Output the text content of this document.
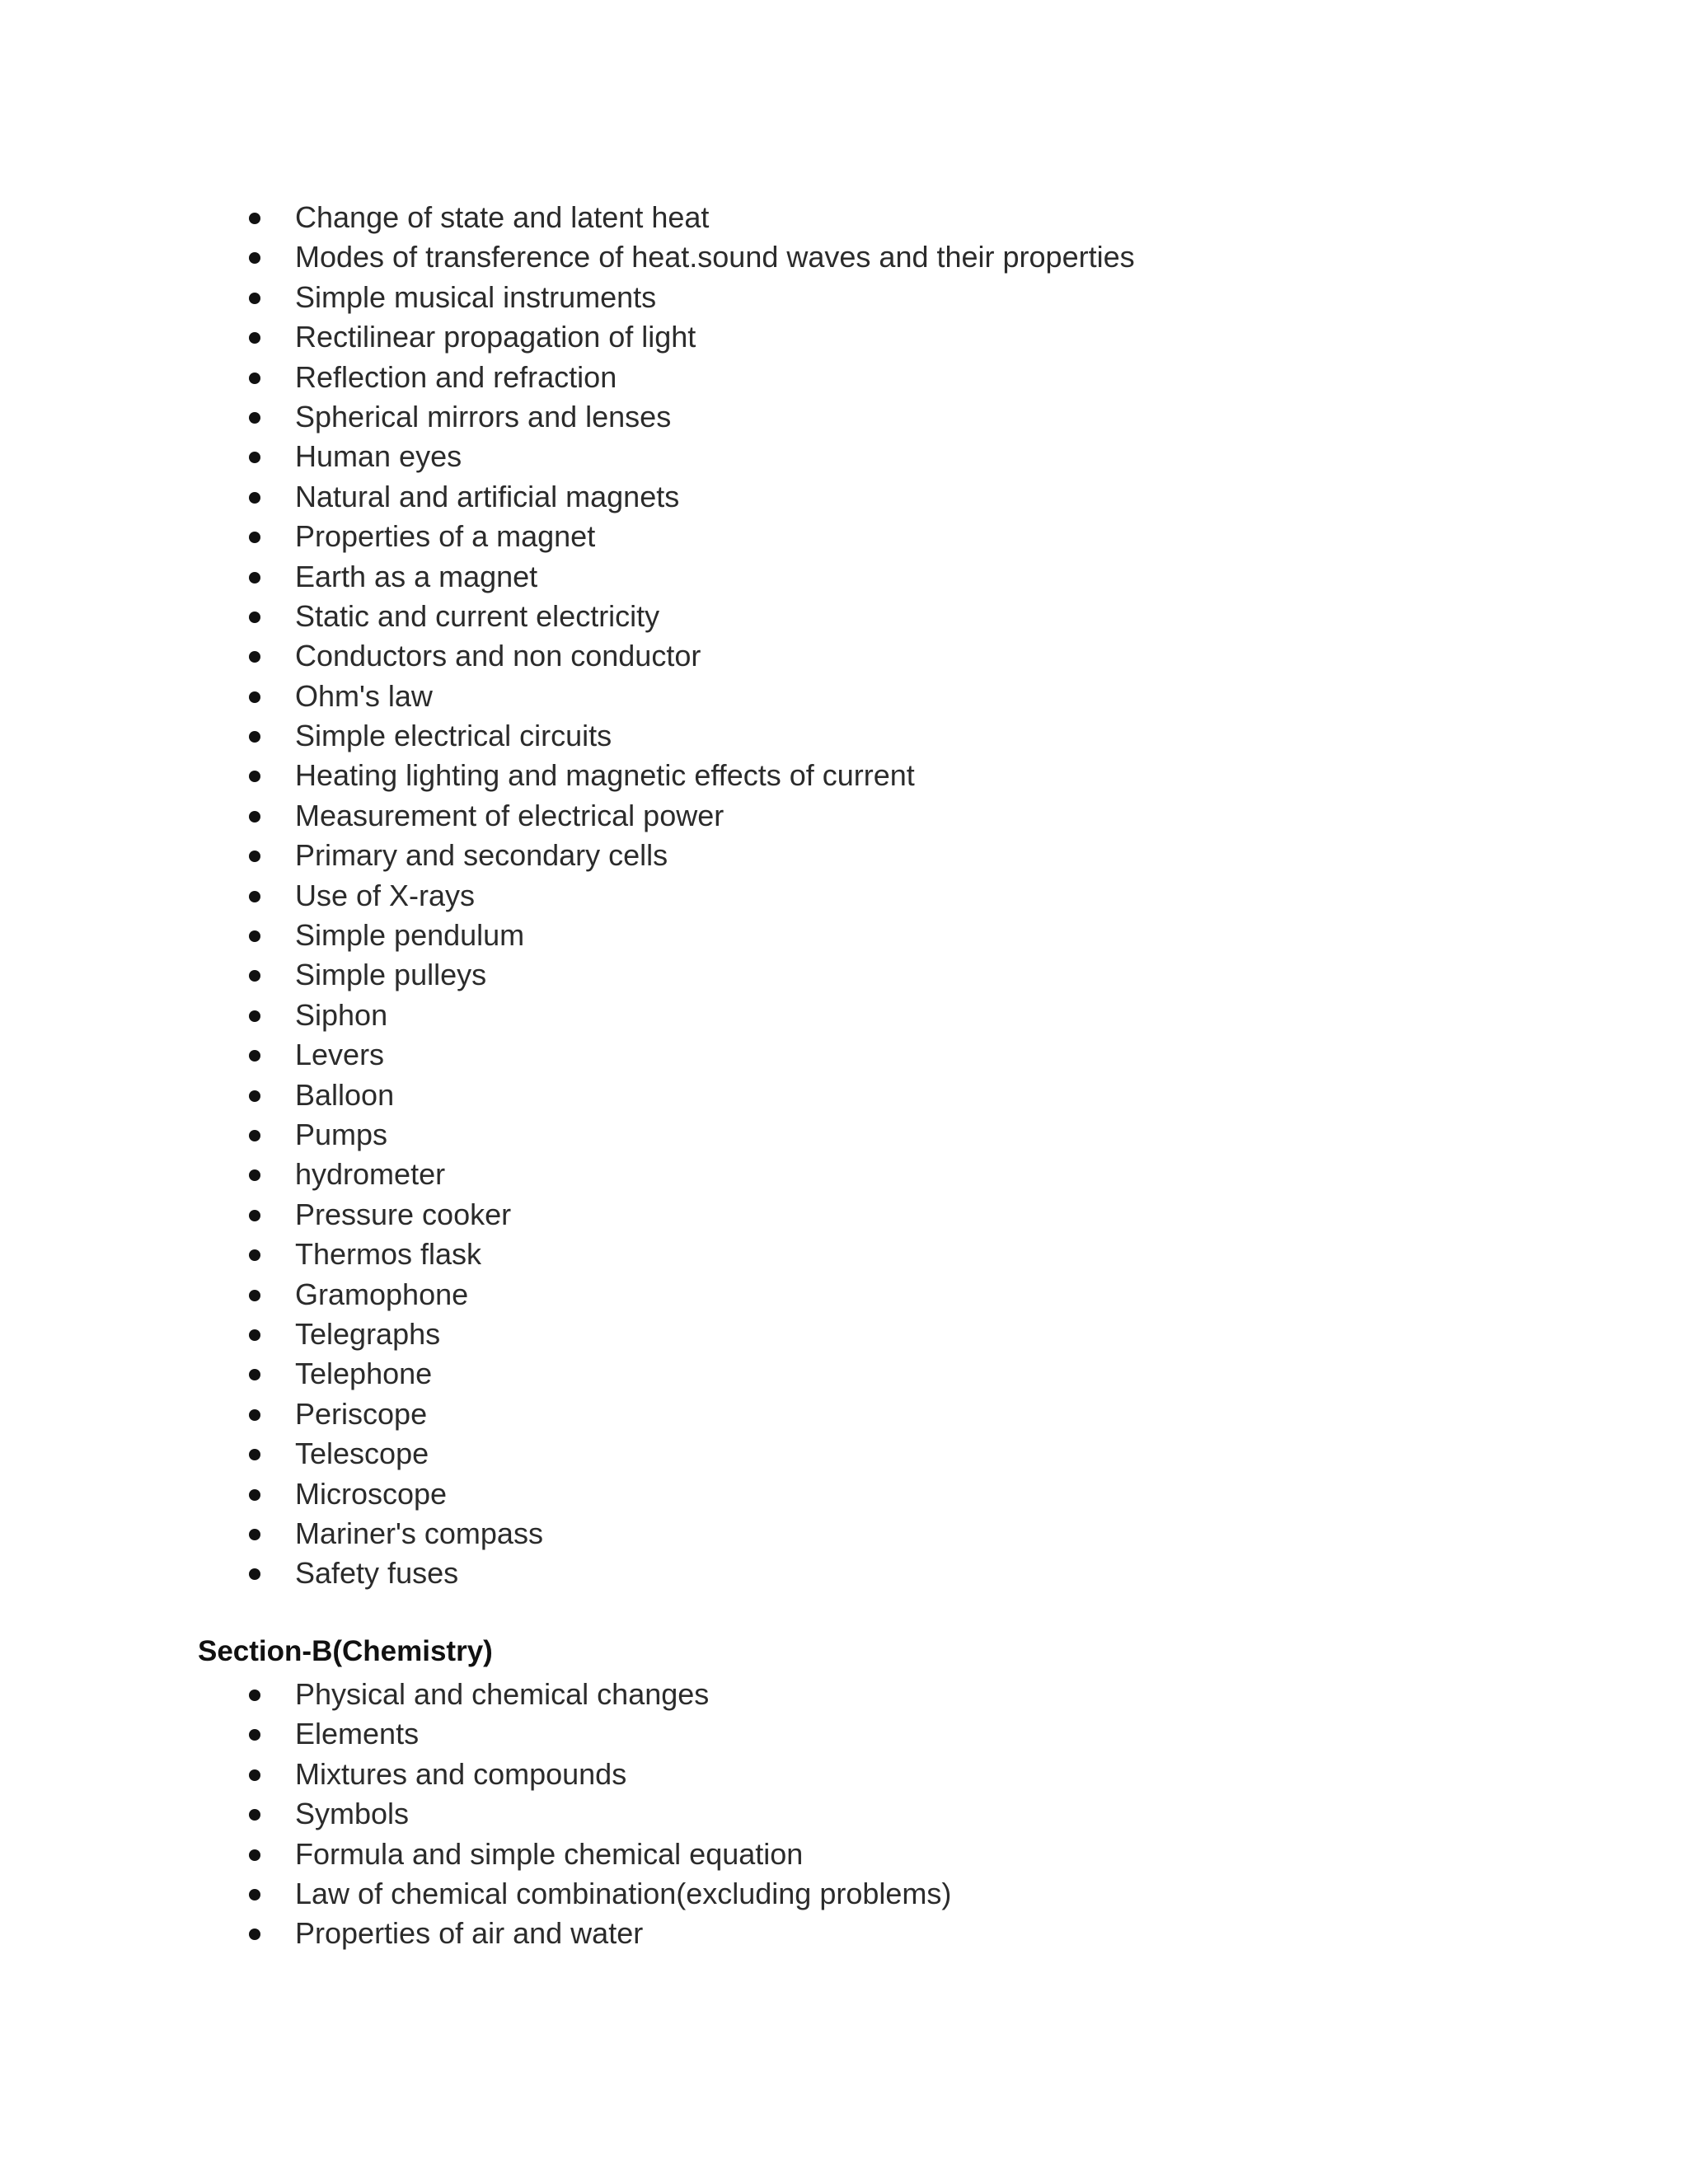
Change of state and latent heat
Modes of transference of heat.sound waves and their properties
Simple musical instruments
Rectilinear propagation of light
Reflection and refraction
Spherical mirrors and lenses
Human eyes
Natural and artificial magnets
Properties of a magnet
Earth as a magnet
Static and current electricity
Conductors and non conductor
Ohm's law
Simple electrical circuits
Heating lighting and magnetic effects of current
Measurement of electrical power
Primary and secondary cells
Use of X-rays
Simple pendulum
Simple pulleys
Siphon
Levers
Balloon
Pumps
hydrometer
Pressure cooker
Thermos flask
Gramophone
Telegraphs
Telephone
Periscope
Telescope
Microscope
Mariner's compass
Safety fuses
Section-B(Chemistry)
Physical and chemical changes
Elements
Mixtures and compounds
Symbols
Formula and simple chemical equation
Law of chemical combination(excluding problems)
Properties of air and water
